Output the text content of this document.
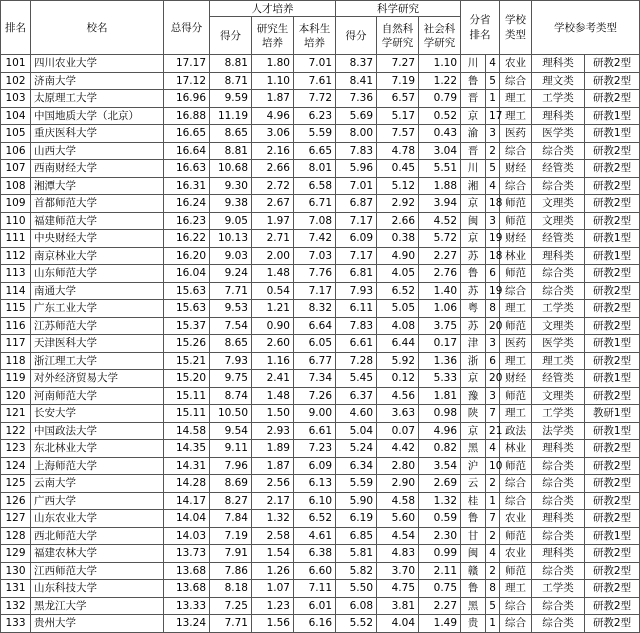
排名	校名	总得分	人才培养			科学研究			分省排名		学校类型	学校参考类型	
			得分	研究生培养	本科生培养	得分	自然科学研究	社会科学研究					

101	四川农业大学	17.17	8.81	1.80	7.01	8.37	7.27	1.10	川	4	农业	理科类	研教2型
102	济南大学	17.12	8.71	1.10	7.61	8.41	7.19	1.22	鲁	5	综合	理文类	研教2型
103	太原理工大学	16.96	9.59	1.87	7.72	7.36	6.57	0.79	晋	1	理工	工学类	研教2型
104	中国地质大学（北京）	16.88	11.19	4.96	6.23	5.69	5.17	0.52	京	17	理工	理科类	研教1型
105	重庆医科大学	16.65	8.65	3.06	5.59	8.00	7.57	0.43	渝	3	医药	医学类	研教1型
106	山西大学	16.64	8.81	2.16	6.65	7.83	4.78	3.04	晋	2	综合	综合类	研教2型
107	西南财经大学	16.63	10.68	2.66	8.01	5.96	0.45	5.51	川	5	财经	经管类	研教2型
108	湘潭大学	16.31	9.30	2.72	6.58	7.01	5.12	1.88	湘	4	综合	综合类	研教2型
109	首都师范大学	16.24	9.38	2.67	6.71	6.87	2.92	3.94	京	18	师范	文理类	研教2型
110	福建师范大学	16.23	9.05	1.97	7.08	7.17	2.66	4.52	闽	3	师范	文理类	研教2型
111	中央财经大学	16.22	10.13	2.71	7.42	6.09	0.38	5.72	京	19	财经	经管类	研教1型
112	南京林业大学	16.20	9.03	2.00	7.03	7.17	4.90	2.27	苏	18	林业	理科类	研教1型
113	山东师范大学	16.04	9.24	1.48	7.76	6.81	4.05	2.76	鲁	6	师范	综合类	研教2型
114	南通大学	15.63	7.71	0.54	7.17	7.93	6.52	1.40	苏	19	综合	综合类	研教2型
115	广东工业大学	15.63	9.53	1.21	8.32	6.11	5.05	1.06	粤	8	理工	工学类	研教2型
116	江苏师范大学	15.37	7.54	0.90	6.64	7.83	4.08	3.75	苏	20	师范	文理类	研教2型
117	天津医科大学	15.26	8.65	2.60	6.05	6.61	6.44	0.17	津	3	医药	医学类	研教1型
118	浙江理工大学	15.21	7.93	1.16	6.77	7.28	5.92	1.36	浙	6	理工	理工类	研教2型
119	对外经济贸易大学	15.20	9.75	2.41	7.34	5.45	0.12	5.33	京	20	财经	经管类	研教1型
120	河南师范大学	15.11	8.74	1.48	7.26	6.37	4.56	1.81	豫	3	师范	文理类	研教2型
121	长安大学	15.11	10.50	1.50	9.00	4.60	3.63	0.98	陕	7	理工	工学类	教研1型
122	中国政法大学	14.58	9.54	2.93	6.61	5.04	0.07	4.96	京	21	政法	法学类	研教1型
123	东北林业大学	14.35	9.11	1.89	7.23	5.24	4.42	0.82	黑	4	林业	理科类	研教2型
124	上海师范大学	14.31	7.96	1.87	6.09	6.34	2.80	3.54	沪	10	师范	综合类	研教2型
125	云南大学	14.28	8.69	2.56	6.13	5.59	2.90	2.69	云	2	综合	综合类	研教2型
126	广西大学	14.17	8.27	2.17	6.10	5.90	4.58	1.32	桂	1	综合	综合类	研教2型
127	山东农业大学	14.04	7.84	1.32	6.52	6.19	5.60	0.59	鲁	7	农业	理科类	研教2型
128	西北师范大学	14.03	7.19	2.58	4.61	6.85	4.54	2.30	甘	2	师范	综合类	研教1型
129	福建农林大学	13.73	7.91	1.54	6.38	5.81	4.83	0.99	闽	4	农业	理科类	研教2型
130	江西师范大学	13.68	7.86	1.26	6.60	5.82	3.70	2.11	赣	2	师范	综合类	研教2型
131	山东科技大学	13.68	8.18	1.07	7.11	5.50	4.75	0.75	鲁	8	理工	工学类	研教2型
132	黑龙江大学	13.33	7.25	1.23	6.01	6.08	3.81	2.27	黑	5	综合	综合类	研教2型
133	贵州大学	13.24	7.71	1.56	6.16	5.52	4.04	1.49	贵	1	综合	综合类	研教2型
